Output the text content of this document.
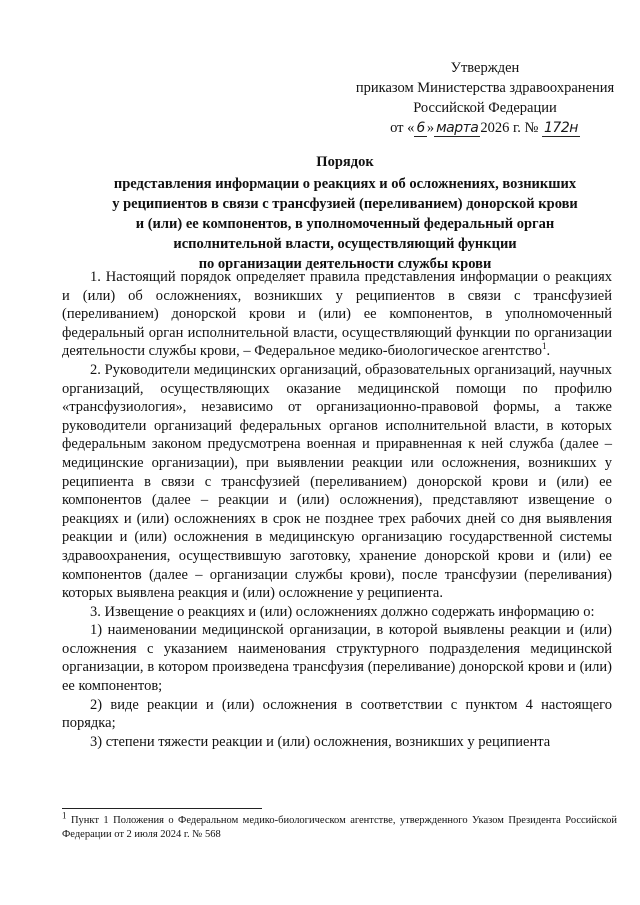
Утвержден
приказом Министерства здравоохранения
Российской Федерации
от « 6 » марта 2026 г. № 172н
Порядок
представления информации о реакциях и об осложнениях, возникших
у реципиентов в связи с трансфузией (переливанием) донорской крови
и (или) ее компонентов, в уполномоченный федеральный орган
исполнительной власти, осуществляющий функции
по организации деятельности службы крови

1. Настоящий порядок определяет правила представления информации о реакциях и (или) об осложнениях, возникших у реципиентов в связи с трансфузией (переливанием) донорской крови и (или) ее компонентов, в уполномоченный федеральный орган исполнительной власти, осуществляющий функции по организации деятельности службы крови, – Федеральное медико-биологическое агентство$^1$.

2. Руководители медицинских организаций, образовательных организаций, научных организаций, осуществляющих оказание медицинской помощи по профилю «трансфузиология», независимо от организационно-правовой формы, а также руководители организаций федеральных органов исполнительной власти, в которых федеральным законом предусмотрена военная и приравненная к ней служба (далее – медицинские организации), при выявлении реакции или осложнения, возникших у реципиента в связи с трансфузией (переливанием) донорской крови и (или) ее компонентов (далее – реакции и (или) осложнения), представляют извещение о реакциях и (или) осложнениях в срок не позднее трех рабочих дней со дня выявления реакции и (или) осложнения в медицинскую организацию государственной системы здравоохранения, осуществившую заготовку, хранение донорской крови и (или) ее компонентов (далее – организации службы крови), после трансфузии (переливания) которых выявлена реакция и (или) осложнение у реципиента.

3. Извещение о реакциях и (или) осложнениях должно содержать информацию о:

1) наименовании медицинской организации, в которой выявлены реакции и (или) осложнения с указанием наименования структурного подразделения медицинской организации, в котором произведена трансфузия (переливание) донорской крови и (или) ее компонентов;

2) виде реакции и (или) осложнения в соответствии с пунктом 4 настоящего порядка;

3) степени тяжести реакции и (или) осложнения, возникших у реципиента

$^1$ Пункт 1 Положения о Федеральном медико-биологическом агентстве, утвержденного Указом Президента Российской Федерации от 2 июля 2024 г. № 568
